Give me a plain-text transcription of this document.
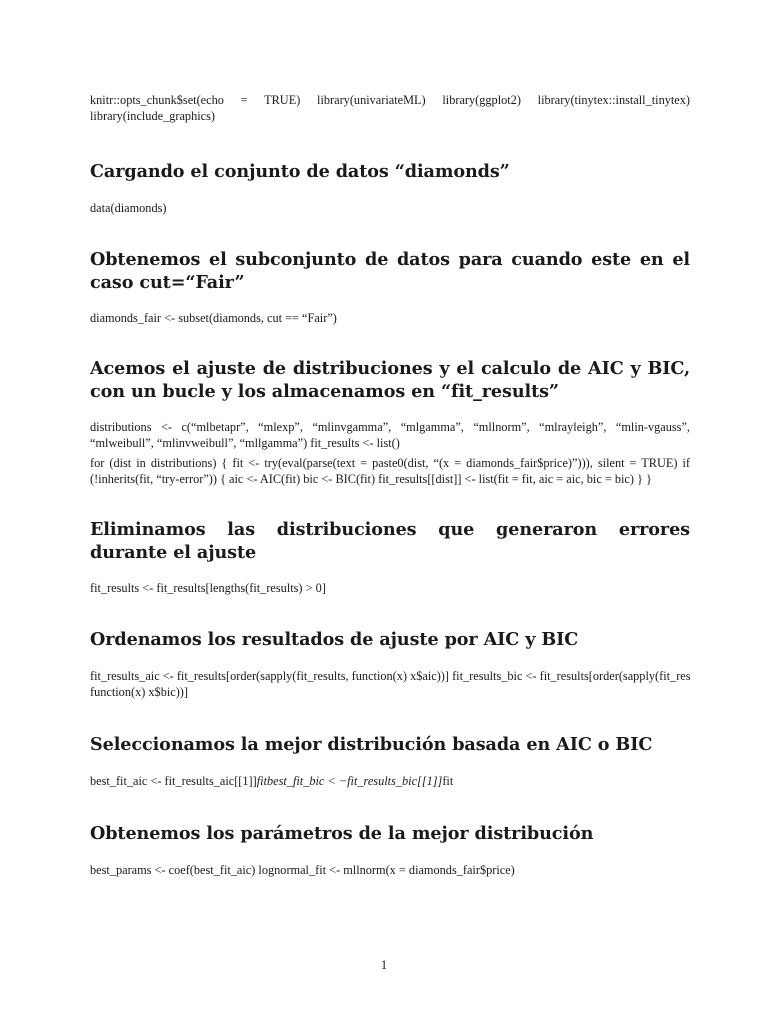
knitr::opts_chunk$set(echo = TRUE) library(univariateML) library(ggplot2) library(tinytex::install_tinytex) library(include_graphics)

Cargando el conjunto de datos “diamonds”

data(diamonds)

Obtenemos el subconjunto de datos para cuando este en el caso cut=“Fair”

diamonds_fair <- subset(diamonds, cut == “Fair”)

Acemos el ajuste de distribuciones y el calculo de AIC y BIC, con un bucle y los almacenamos en “fit_results”

distributions <- c(“mlbetapr”, “mlexp”, “mlinvgamma”, “mlgamma”, “mllnorm”, “mlrayleigh”, “mlin-vgauss”, “mlweibull”, “mlinvweibull”, “mllgamma”) fit_results <- list()

for (dist in distributions) { fit <- try(eval(parse(text = paste0(dist, “(x = diamonds_fair$price)”))), silent = TRUE) if (!inherits(fit, “try-error”)) { aic <- AIC(fit) bic <- BIC(fit) fit_results[[dist]] <- list(fit = fit, aic = aic, bic = bic) } }

Eliminamos las distribuciones que generaron errores durante el ajuste

fit_results <- fit_results[lengths(fit_results) > 0]

Ordenamos los resultados de ajuste por AIC y BIC

fit_results_aic <- fit_results[order(sapply(fit_results, function(x) x$aic))] fit_results_bic <- fit_results[order(sapply(fit_res

function(x) x$bic))]

Seleccionamos la mejor distribución basada en AIC o BIC

best_fit_aic <- fit_results_aic[[1]]fitbest_fit_bic < −fit_results_bic[[1]]fit

Obtenemos los parámetros de la mejor distribución

best_params <- coef(best_fit_aic) lognormal_fit <- mllnorm(x = diamonds_fair$price)

1
